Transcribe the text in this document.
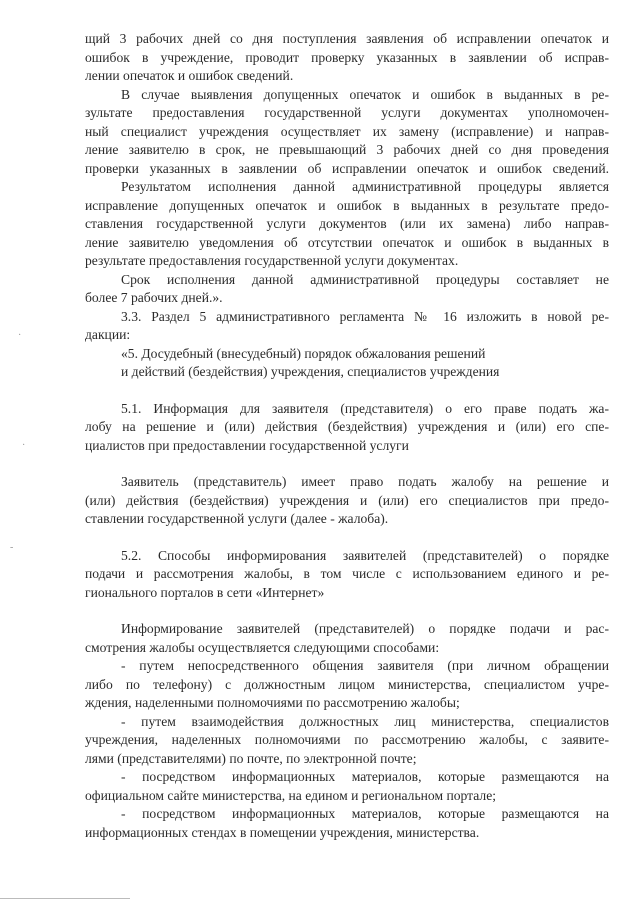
щий 3 рабочих дней со дня поступления заявления об исправлении опечаток и
ошибок в учреждение, проводит проверку указанных в заявлении об исправ-
лении опечаток и ошибок сведений.
В случае выявления допущенных опечаток и ошибок в выданных в ре-
зультате предоставления государственной услуги документах уполномочен-
ный специалист учреждения осуществляет их замену (исправление) и направ-
ление заявителю в срок, не превышающий 3 рабочих дней со дня проведения
проверки указанных в заявлении об исправлении опечаток и ошибок сведений.
Результатом исполнения данной административной процедуры является
исправление допущенных опечаток и ошибок в выданных в результате предо-
ставления государственной услуги документов (или их замена) либо направ-
ление заявителю уведомления об отсутствии опечаток и ошибок в выданных в
результате предоставления государственной услуги документах.
Срок исполнения данной административной процедуры составляет не
более 7 рабочих дней.».
3.3. Раздел 5 административного регламента № 16 изложить в новой ре-
дакции:
«5. Досудебный (внесудебный) порядок обжалования решений
и действий (бездействия) учреждения, специалистов учреждения
5.1. Информация для заявителя (представителя) о его праве подать жа-
лобу на решение и (или) действия (бездействия) учреждения и (или) его спе-
циалистов при предоставлении государственной услуги
Заявитель (представитель) имеет право подать жалобу на решение и
(или) действия (бездействия) учреждения и (или) его специалистов при предо-
ставлении государственной услуги (далее - жалоба).
5.2. Способы информирования заявителей (представителей) о порядке
подачи и рассмотрения жалобы, в том числе с использованием единого и ре-
гионального порталов в сети «Интернет»
Информирование заявителей (представителей) о порядке подачи и рас-
смотрения жалобы осуществляется следующими способами:
- путем непосредственного общения заявителя (при личном обращении
либо по телефону) с должностным лицом министерства, специалистом учре-
ждения, наделенными полномочиями по рассмотрению жалобы;
- путем взаимодействия должностных лиц министерства, специалистов
учреждения, наделенных полномочиями по рассмотрению жалобы, с заявите-
лями (представителями) по почте, по электронной почте;
- посредством информационных материалов, которые размещаются на
официальном сайте министерства, на едином и региональном портале;
- посредством информационных материалов, которые размещаются на
информационных стендах в помещении учреждения, министерства.
·
·
-
